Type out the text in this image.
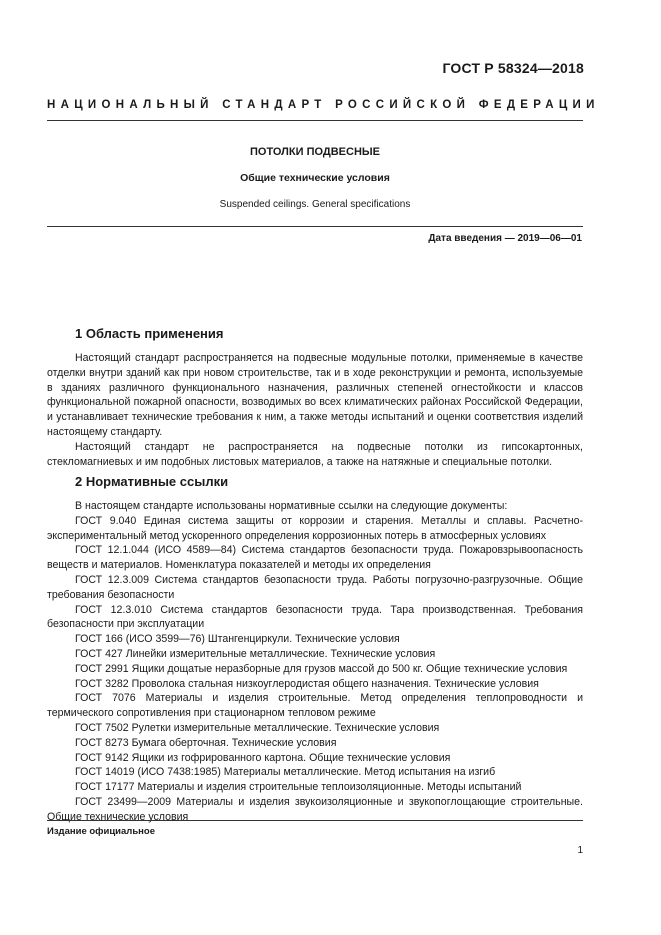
ГОСТ Р 58324—2018
НАЦИОНАЛЬНЫЙ СТАНДАРТ РОССИЙСКОЙ ФЕДЕРАЦИИ
ПОТОЛКИ ПОДВЕСНЫЕ
Общие технические условия
Suspended ceilings. General specifications
Дата введения — 2019—06—01
1 Область применения

Настоящий стандарт распространяется на подвесные модульные потолки, применяемые в качестве отделки внутри зданий как при новом строительстве, так и в ходе реконструкции и ремонта, используемые в зданиях различного функционального назначения, различных степеней огнестойкости и классов функциональной пожарной опасности, возводимых во всех климатических районах Российской Федерации, и устанавливает технические требования к ним, а также методы испытаний и оценки соответствия изделий настоящему стандарту.

Настоящий стандарт не распространяется на подвесные потолки из гипсокартонных, стекломагниевых и им подобных листовых материалов, а также на натяжные и специальные потолки.

2 Нормативные ссылки

В настоящем стандарте использованы нормативные ссылки на следующие документы:

ГОСТ 9.040 Единая система защиты от коррозии и старения. Металлы и сплавы. Расчетно-экспериментальный метод ускоренного определения коррозионных потерь в атмосферных условиях

ГОСТ 12.1.044 (ИСО 4589—84) Система стандартов безопасности труда. Пожаровзрывоопасность веществ и материалов. Номенклатура показателей и методы их определения

ГОСТ 12.3.009 Система стандартов безопасности труда. Работы погрузочно-разгрузочные. Общие требования безопасности

ГОСТ 12.3.010 Система стандартов безопасности труда. Тара производственная. Требования безопасности при эксплуатации

ГОСТ 166 (ИСО 3599—76) Штангенциркули. Технические условия

ГОСТ 427 Линейки измерительные металлические. Технические условия

ГОСТ 2991 Ящики дощатые неразборные для грузов массой до 500 кг. Общие технические условия

ГОСТ 3282 Проволока стальная низкоуглеродистая общего назначения. Технические условия

ГОСТ 7076 Материалы и изделия строительные. Метод определения теплопроводности и термического сопротивления при стационарном тепловом режиме

ГОСТ 7502 Рулетки измерительные металлические. Технические условия

ГОСТ 8273 Бумага оберточная. Технические условия

ГОСТ 9142 Ящики из гофрированного картона. Общие технические условия

ГОСТ 14019 (ИСО 7438:1985) Материалы металлические. Метод испытания на изгиб

ГОСТ 17177 Материалы и изделия строительные теплоизоляционные. Методы испытаний

ГОСТ 23499—2009 Материалы и изделия звукоизоляционные и звукопоглощающие строительные. Общие технические условия

Издание официальное
1
